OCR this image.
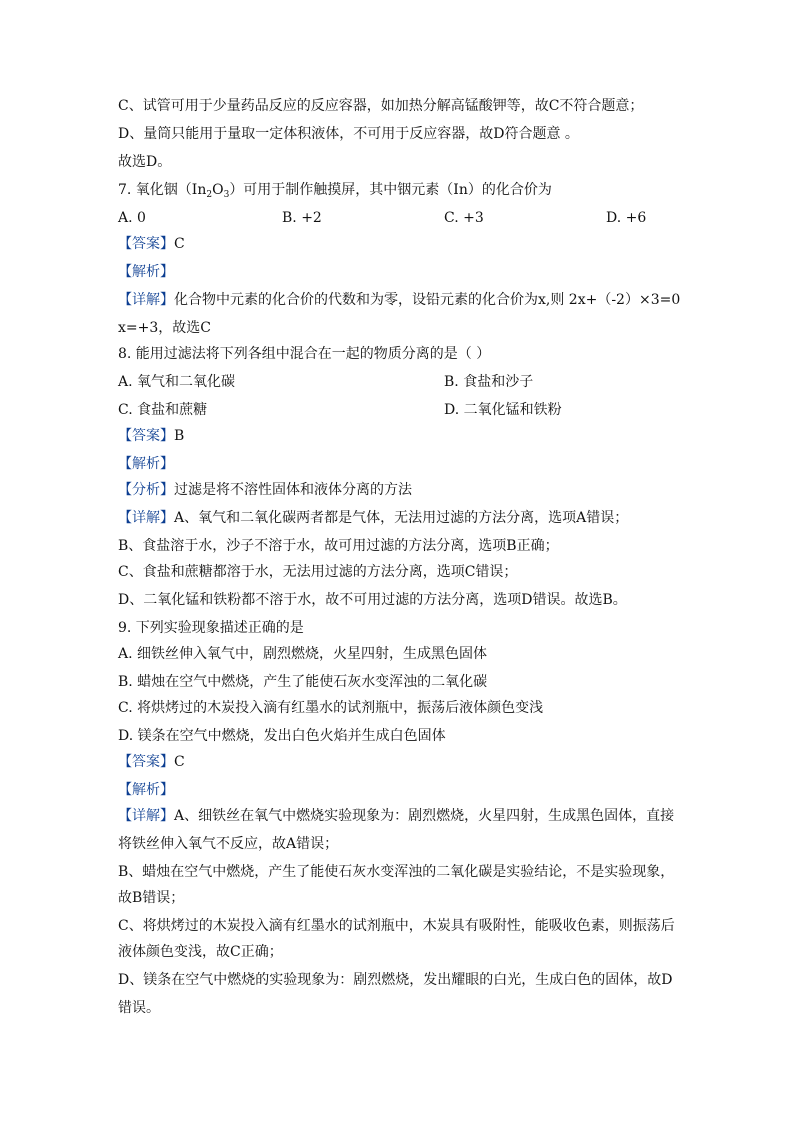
C、试管可用于少量药品反应的反应容器，如加热分解高锰酸钾等，故C不符合题意；
D、量筒只能用于量取一定体积液体，不可用于反应容器，故D符合题意 。
故选D。
7. 氧化铟$(In_2O_3)$可用于制作触摸屏，其中铟元素（In）的化合价为
A. 0	B. +2	C. +3	D. +6
【答案】C
【解析】
【详解】化合物中元素的化合价的代数和为零，设铅元素的化合价为x,则 2x+（-2）×3=0
x=+3，故选C
8. 能用过滤法将下列各组中混合在一起的物质分离的是（ ）
A. 氧气和二氧化碳	B. 食盐和沙子
C. 食盐和蔗糖	D. 二氧化锰和铁粉
【答案】B
【解析】
【分析】过滤是将不溶性固体和液体分离的方法
【详解】A、氧气和二氧化碳两者都是气体，无法用过滤的方法分离，选项A错误；
B、食盐溶于水，沙子不溶于水，故可用过滤的方法分离，选项B正确；
C、食盐和蔗糖都溶于水，无法用过滤的方法分离，选项C错误；
D、二氧化锰和铁粉都不溶于水，故不可用过滤的方法分离，选项D错误。故选B。
9. 下列实验现象描述正确的是
A. 细铁丝伸入氧气中，剧烈燃烧，火星四射，生成黑色固体
B. 蜡烛在空气中燃烧，产生了能使石灰水变浑浊的二氧化碳
C. 将烘烤过的木炭投入滴有红墨水的试剂瓶中，振荡后液体颜色变浅
D. 镁条在空气中燃烧，发出白色火焰并生成白色固体
【答案】C
【解析】
【详解】A、细铁丝在氧气中燃烧实验现象为：剧烈燃烧，火星四射，生成黑色固体，直接
将铁丝伸入氧气不反应，故A错误；
B、蜡烛在空气中燃烧，产生了能使石灰水变浑浊的二氧化碳是实验结论，不是实验现象，
故B错误；
C、将烘烤过的木炭投入滴有红墨水的试剂瓶中，木炭具有吸附性，能吸收色素，则振荡后
液体颜色变浅，故C正确；
D、镁条在空气中燃烧的实验现象为：剧烈燃烧，发出耀眼的白光，生成白色的固体，故D
错误。
